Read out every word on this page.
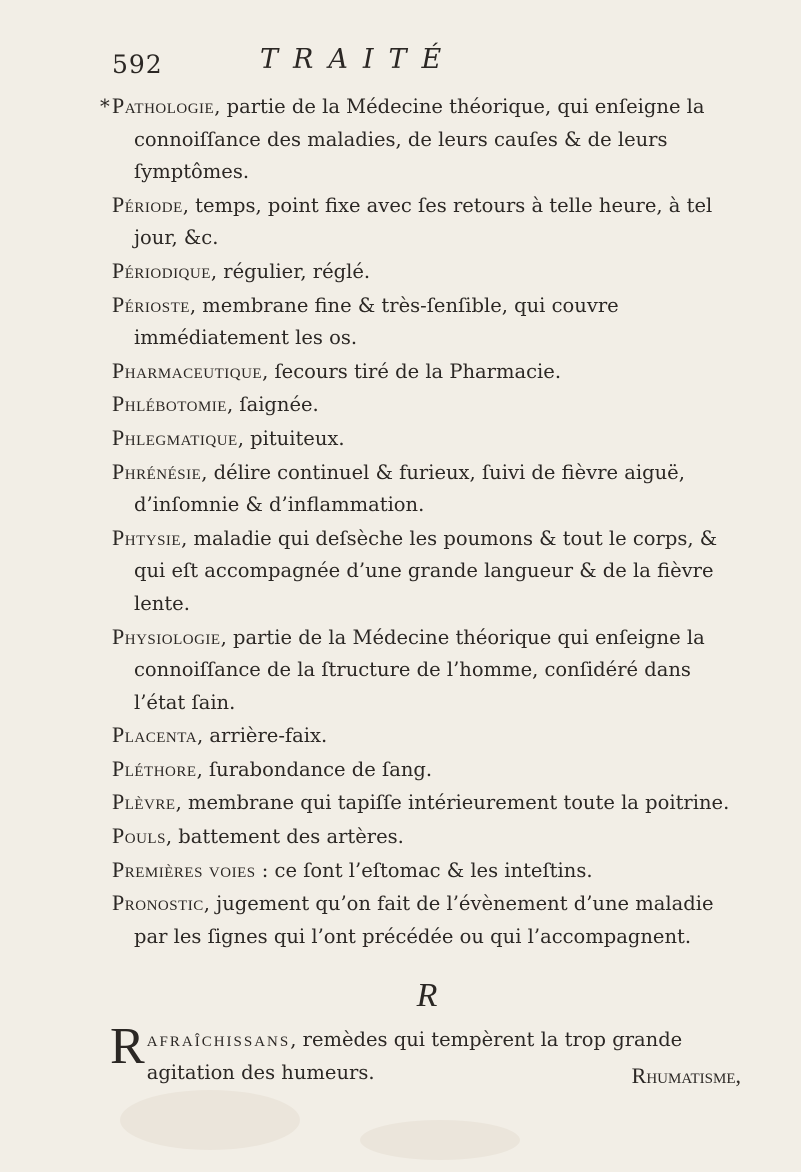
592	TRAITÉ

* Pathologie, partie de la Médecine théorique, qui enſeigne la connoiſſance des maladies, de leurs cauſes & de leurs ſymptômes.

Période, temps, point fixe avec ſes retours à telle heure, à tel jour, &c.

Périodique, régulier, réglé.

Périoste, membrane fine & très-ſenſible, qui couvre immédiatement les os.

Pharmaceutique, ſecours tiré de la Pharmacie.

Phlébotomie, ſaignée.

Phlegmatique, pituiteux.

Phrénésie, délire continuel & furieux, ſuivi de fièvre aiguë, d’inſomnie & d’inflammation.

Phtysie, maladie qui deſsèche les poumons & tout le corps, & qui eſt accompagnée d’une grande langueur & de la fièvre lente.

Physiologie, partie de la Médecine théorique qui enſeigne la connoiſſance de la ſtructure de l’homme, conſidéré dans l’état ſain.

Placenta, arrière-faix.

Pléthore, ſurabondance de ſang.

Plèvre, membrane qui tapiſſe intérieurement toute la poitrine.

Pouls, battement des artères.

Premières voies : ce ſont l’eſtomac & les inteſtins.

Pronostic, jugement qu’on fait de l’évènement d’une maladie par les ſignes qui l’ont précédée ou qui l’accompagnent.

R

Rafraîchissans, remèdes qui tempèrent la trop grande agitation des humeurs.	Rhumatisme,
